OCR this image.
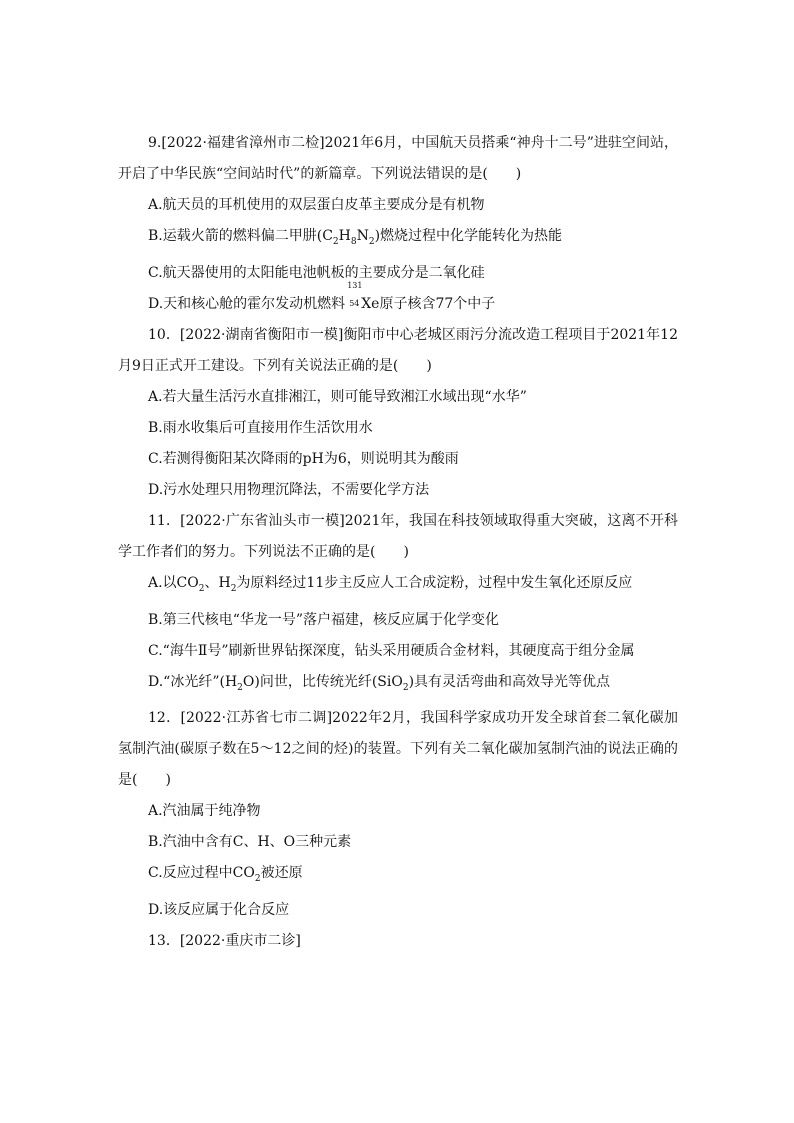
9.[2022·福建省漳州市二检]2021年6月，中国航天员搭乘“神舟十二号”进驻空间站，开启了中华民族“空间站时代”的新篇章。下列说法错误的是(　　)

A.航天员的耳机使用的双层蛋白皮革主要成分是有机物

B.运载火箭的燃料偏二甲肼$(C_2H_8N_2)$燃烧过程中化学能转化为热能

C.航天器使用的太阳能电池帆板的主要成分是二氧化硅

D.天和核心舱的霍尔发动机燃料
131
54 Xe原子核含77个中子

10．[2022·湖南省衡阳市一模]衡阳市中心老城区雨污分流改造工程项目于2021年12月9日正式开工建设。下列有关说法正确的是(　　)

A.若大量生活污水直排湘江，则可能导致湘江水域出现“水华”

B.雨水收集后可直接用作生活饮用水

C.若测得衡阳某次降雨的pH为6，则说明其为酸雨

D.污水处理只用物理沉降法，不需要化学方法

11．[2022·广东省汕头市一模]2021年，我国在科技领域取得重大突破，这离不开科学工作者们的努力。下列说法不正确的是(　　)

A.以$CO_2$、$H_2$为原料经过11步主反应人工合成淀粉，过程中发生氧化还原反应

B.第三代核电“华龙一号”落户福建，核反应属于化学变化

C.“海牛Ⅱ号”刷新世界钻探深度，钻头采用硬质合金材料，其硬度高于组分金属

D.“冰光纤$”(H_2O)$问世，比传统光纤(SiO$_2$)具有灵活弯曲和高效导光等优点

12．[2022·江苏省七市二调]2022年2月，我国科学家成功开发全球首套二氧化碳加氢制汽油(碳原子数在5～12之间的烃)的装置。下列有关二氧化碳加氢制汽油的说法正确的是(　　)

A.汽油属于纯净物

B.汽油中含有C、H、O三种元素

C.反应过程中$CO_2$被还原

D.该反应属于化合反应

13．[2022·重庆市二诊]
